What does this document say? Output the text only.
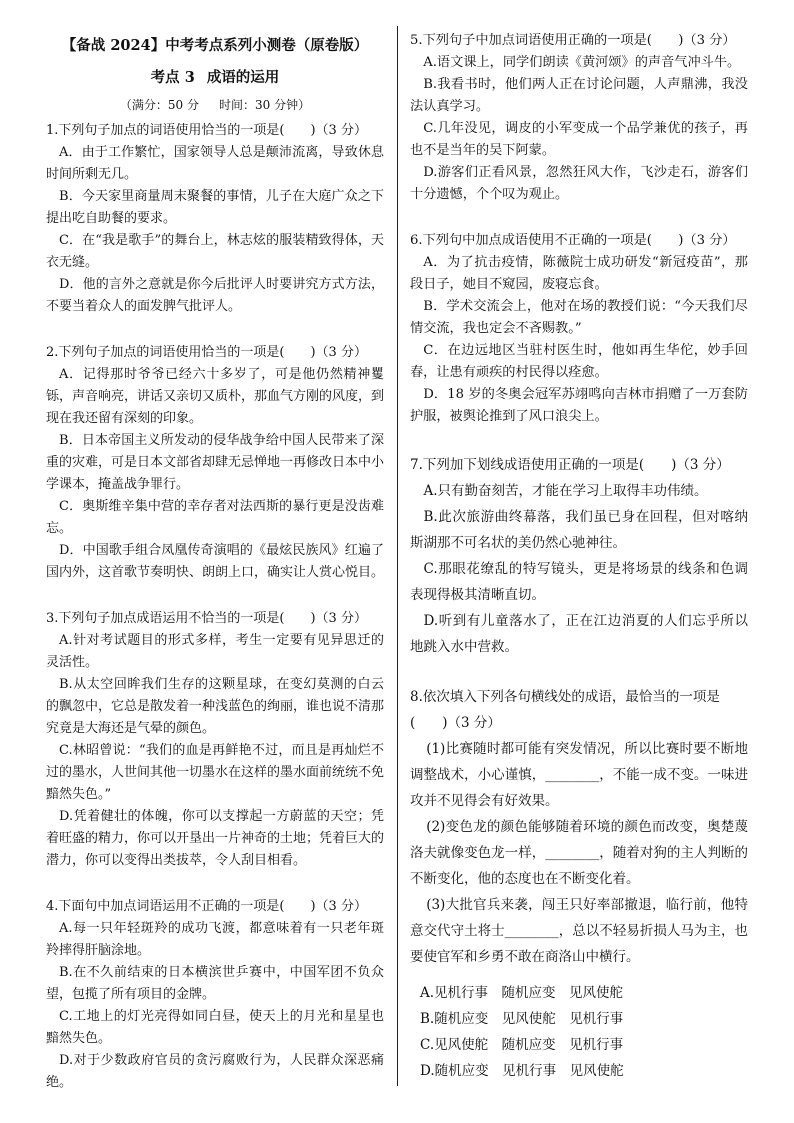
【备战 2024】中考考点系列小测卷（原卷版）

考点 3 成语的运用

（满分：50 分 时间：30 分钟）

1.下列句子加点的词语使用恰当的一项是(　　)（3 分）

A．由于工作繁忙，国家领导人总是颠沛流离，导致休息时间所剩无几。

B．今天家里商量周末聚餐的事情，儿子在大庭广众之下提出吃自助餐的要求。

C．在“我是歌手”的舞台上，林志炫的服装精致得体，天衣无缝。

D．他的言外之意就是你今后批评人时要讲究方式方法，不要当着众人的面发脾气批评人。

2.下列句子加点的词语使用恰当的一项是(　　)（3 分）

A．记得那时爷爷已经六十多岁了，可是他仍然精神矍铄，声音响亮，讲话又亲切又质朴，那血气方刚的风度，到现在我还留有深刻的印象。

B．日本帝国主义所发动的侵华战争给中国人民带来了深重的灾难，可是日本文部省却肆无忌惮地一再修改日本中小学课本，掩盖战争罪行。

C．奥斯维辛集中营的幸存者对法西斯的暴行更是没齿难忘。

D．中国歌手组合凤凰传奇演唱的《最炫民族风》红遍了国内外，这首歌节奏明快、朗朗上口，确实让人赏心悦目。

3.下列句子加点成语运用不恰当的一项是(　　)（3 分）

A.针对考试题目的形式多样，考生一定要有见异思迁的灵活性。

B.从太空回眸我们生存的这颗星球，在变幻莫测的白云的飘忽中，它总是散发着一种浅蓝色的绚丽，谁也说不清那究竟是大海还是气晕的颜色。

C.林昭曾说：“我们的血是再鲜艳不过，而且是再灿烂不过的墨水，人世间其他一切墨水在这样的墨水面前统统不免黯然失色。”

D.凭着健壮的体魄，你可以支撑起一方蔚蓝的天空；凭着旺盛的精力，你可以开垦出一片神奇的土地；凭着巨大的潜力，你可以变得出类拔萃，令人刮目相看。

4.下面句中加点词语运用不正确的一项是(　　)（3 分）

A.每一只年轻斑羚的成功飞渡，都意味着有一只老年斑羚摔得肝脑涂地。

B.在不久前结束的日本横滨世乒赛中，中国军团不负众望，包揽了所有项目的金牌。

C.工地上的灯光亮得如同白昼，使天上的月光和星星也黯然失色。

D.对于少数政府官员的贪污腐败行为，人民群众深恶痛绝。

5.下列句子中加点词语使用正确的一项是(　　)（3 分）

A.语文课上，同学们朗读《黄河颂》的声音气冲斗牛。

B.我看书时，他们两人正在讨论问题，人声鼎沸，我没法认真学习。

C.几年没见，调皮的小军变成一个品学兼优的孩子，再也不是当年的吴下阿蒙。

D.游客们正看风景，忽然狂风大作，飞沙走石，游客们十分遗憾，个个叹为观止。

6.下列句中加点成语使用不正确的一项是(　　)（3 分）

A．为了抗击疫情，陈薇院士成功研发“新冠疫苗”，那段日子，她目不窥园，废寝忘食。

B．学术交流会上，他对在场的教授们说：“今天我们尽情交流，我也定会不吝赐教。”

C．在边远地区当驻村医生时，他如再生华佗，妙手回春，让患有顽疾的村民得以痊愈。

D．18 岁的冬奥会冠军苏翊鸣向吉林市捐赠了一万套防护服，被舆论推到了风口浪尖上。

7.下列加下划线成语使用正确的一项是(　　)（3 分）

A.只有勤奋刻苦，才能在学习上取得丰功伟绩。

B.此次旅游曲终幕落，我们虽已身在回程，但对喀纳斯湖那不可名状的美仍然心驰神往。

C.那眼花缭乱的特写镜头，更是将场景的线条和色调表现得极其清晰直切。

D.听到有儿童落水了，正在江边消夏的人们忘乎所以地跳入水中营救。

8.依次填入下列各句横线处的成语，最恰当的一项是(　　)（3 分）

(1)比赛随时都可能有突发情况，所以比赛时要不断地调整战术，小心谨慎，________，不能一成不变。一味进攻并不见得会有好效果。

(2)变色龙的颜色能够随着环境的颜色而改变，奥楚蔑洛夫就像变色龙一样，________，随着对狗的主人判断的不断变化，他的态度也在不断变化着。

(3)大批官兵来袭，闯王只好率部撤退，临行前，他特意交代守土将士________，总以不轻易折损人马为主，也要使官军和乡勇不敢在商洛山中横行。

A.见机行事　随机应变　见风使舵

B.随机应变　见风使舵　见机行事

C.见风使舵　随机应变　见机行事

D.随机应变　见机行事　见风使舵
